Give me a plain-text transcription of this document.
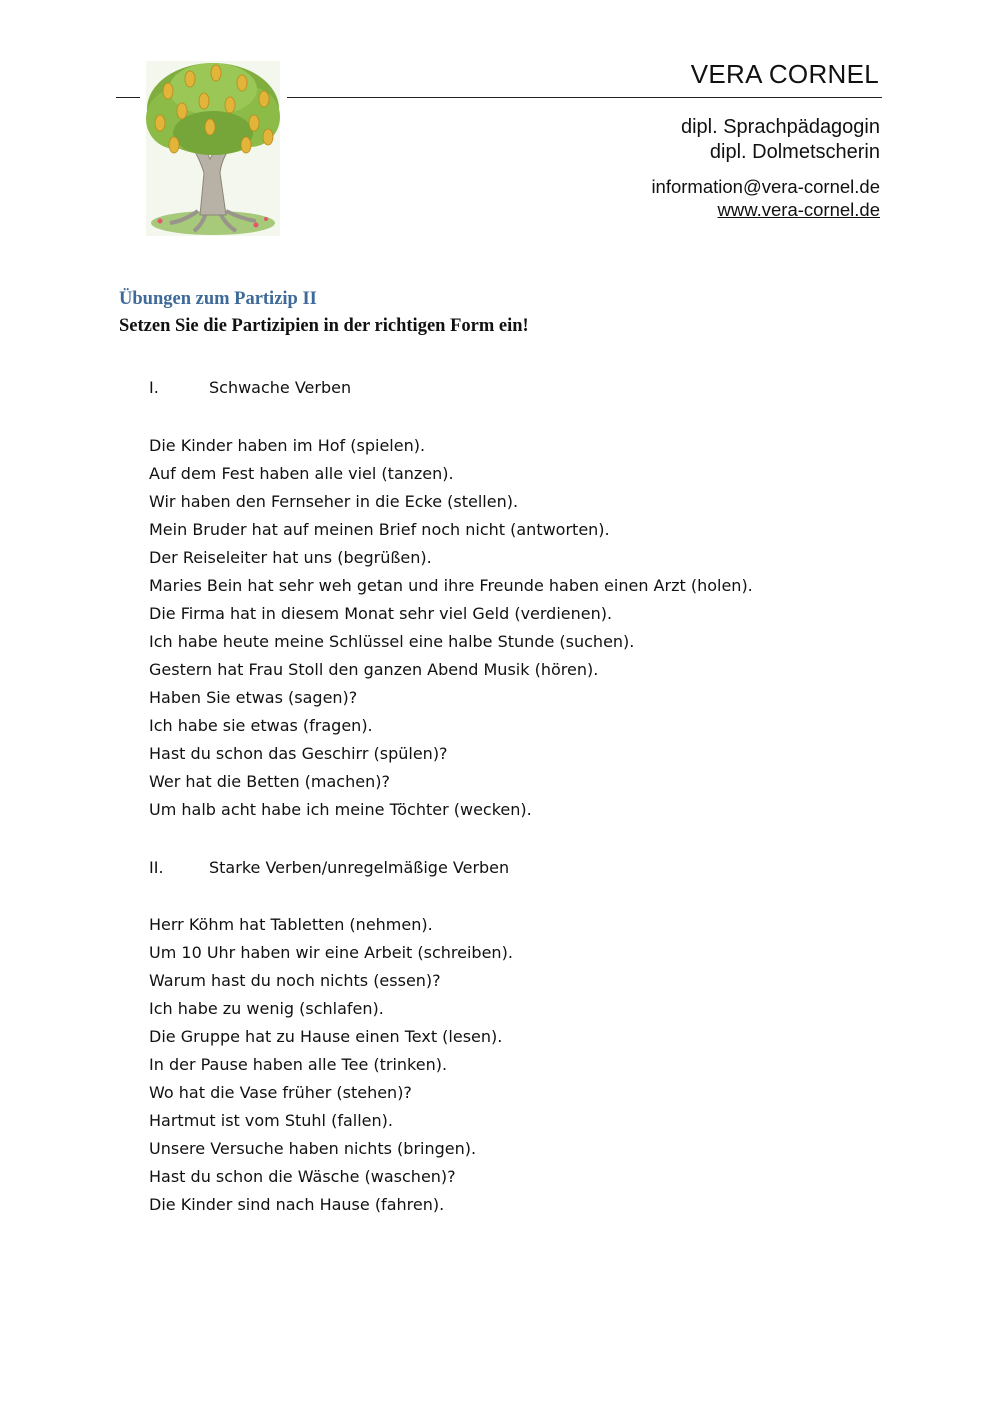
VERA CORNEL
dipl. Sprachpädagogin
dipl. Dolmetscherin
information@vera-cornel.de
www.vera-cornel.de
Übungen zum Partizip II
Setzen Sie die Partizipien in der richtigen Form ein!
I.	Schwache Verben
Die Kinder haben im Hof (spielen).
Auf dem Fest haben alle viel (tanzen).
Wir haben den Fernseher in die Ecke (stellen).
Mein Bruder hat auf meinen Brief noch nicht (antworten).
Der Reiseleiter hat uns (begrüßen).
Maries Bein hat sehr weh getan und ihre Freunde haben einen Arzt (holen).
Die Firma hat in diesem Monat sehr viel Geld (verdienen).
Ich habe heute meine Schlüssel eine halbe Stunde (suchen).
Gestern hat Frau Stoll den ganzen Abend Musik (hören).
Haben Sie etwas (sagen)?
Ich habe sie etwas (fragen).
Hast du schon das Geschirr (spülen)?
Wer hat die Betten (machen)?
Um halb acht habe ich meine Töchter (wecken).
II.	Starke Verben/unregelmäßige Verben
Herr Köhm hat Tabletten (nehmen).
Um 10 Uhr haben wir eine Arbeit (schreiben).
Warum hast du noch nichts (essen)?
Ich habe zu wenig (schlafen).
Die Gruppe hat zu Hause einen Text (lesen).
In der Pause haben alle Tee (trinken).
Wo hat die Vase früher (stehen)?
Hartmut ist vom Stuhl (fallen).
Unsere Versuche haben nichts (bringen).
Hast du schon die Wäsche (waschen)?
Die Kinder sind nach Hause (fahren).
